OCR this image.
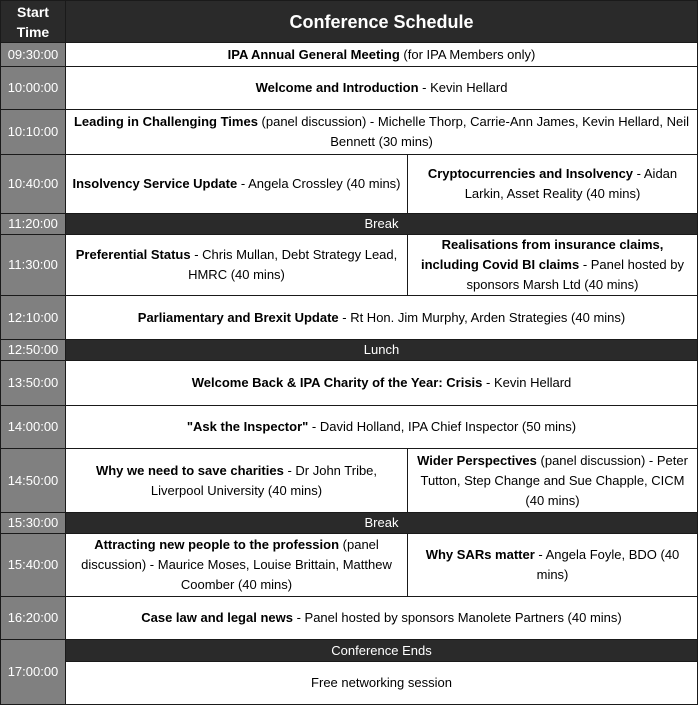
Start Time	Conference Schedule	
09:30:00	IPA Annual General Meeting (for IPA Members only)	
10:00:00	Welcome and Introduction - Kevin Hellard	
10:10:00	Leading in Challenging Times (panel discussion) - Michelle Thorp, Carrie-Ann James, Kevin Hellard, Neil Bennett (30 mins)	
10:40:00	Insolvency Service Update - Angela Crossley (40 mins)	Cryptocurrencies and Insolvency - Aidan Larkin, Asset Reality (40 mins)
11:20:00	Break	
11:30:00	Preferential Status - Chris Mullan, Debt Strategy Lead, HMRC (40 mins)	Realisations from insurance claims, including Covid BI claims - Panel hosted by sponsors Marsh Ltd (40 mins)
12:10:00	Parliamentary and Brexit Update - Rt Hon. Jim Murphy, Arden Strategies (40 mins)	
12:50:00	Lunch	
13:50:00	Welcome Back & IPA Charity of the Year: Crisis - Kevin Hellard	
14:00:00	"Ask the Inspector" - David Holland, IPA Chief Inspector (50 mins)	
14:50:00	Why we need to save charities - Dr John Tribe, Liverpool University (40 mins)	Wider Perspectives (panel discussion) - Peter Tutton, Step Change and Sue Chapple, CICM (40 mins)
15:30:00	Break	
15:40:00	Attracting new people to the profession (panel discussion) - Maurice Moses, Louise Brittain, Matthew Coomber (40 mins)	Why SARs matter - Angela Foyle, BDO (40 mins)
16:20:00	Case law and legal news - Panel hosted by sponsors Manolete Partners (40 mins)	
17:00:00	Conference Ends	
	Free networking session	
